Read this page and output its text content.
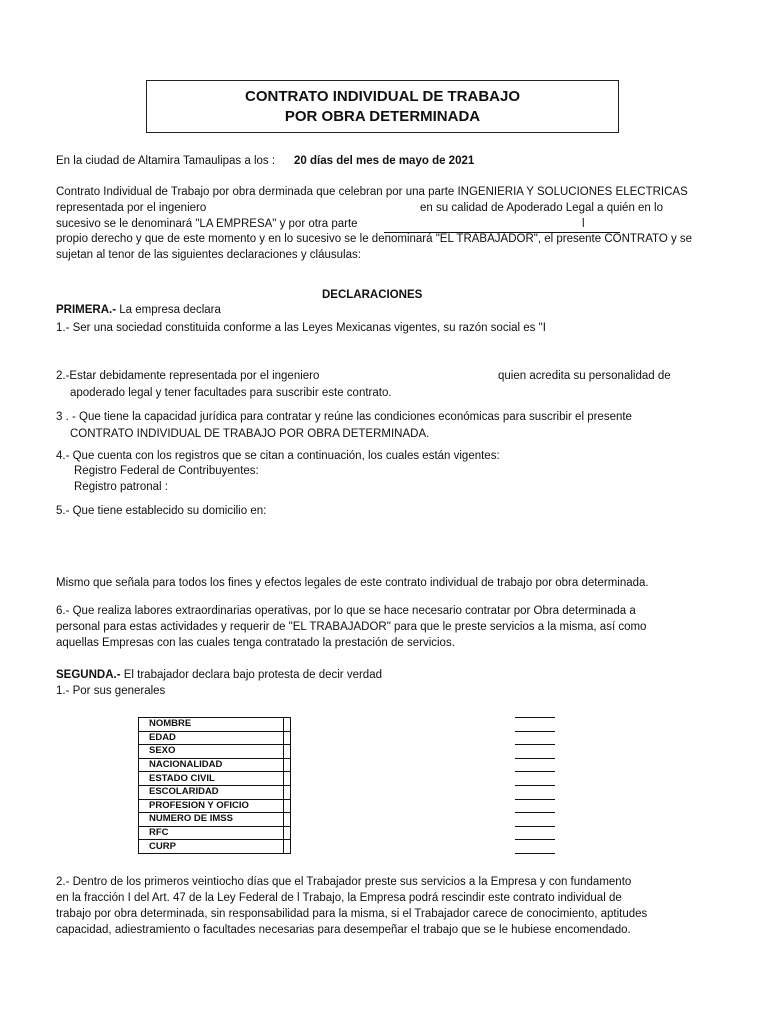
CONTRATO INDIVIDUAL DE TRABAJO
POR OBRA DETERMINADA
En la ciudad de Altamira Tamaulipas a los : 20 días del mes de mayo de 2021
Contrato Individual de Trabajo por obra derminada que celebran por una parte INGENIERIA Y SOLUCIONES ELECTRICAS
representada por el ingeniero	en su calidad de Apoderado Legal a quién en lo
sucesivo se le denominará "LA EMPRESA" y por otra parte	l
propio derecho y que de este momento y en lo sucesivo se le denominará "EL TRABAJADOR", el presente CONTRATO y se
sujetan al tenor de las siguientes declaraciones y cláusulas:
DECLARACIONES
PRIMERA.- La empresa declara
1.- Ser una sociedad constituida conforme a las Leyes Mexicanas vigentes, su razón social es "I
2.-Estar debidamente representada por el ingeniero	quien acredita su personalidad de
apoderado legal y tener facultades para suscribir este contrato.
3 . - Que tiene la capacidad jurídica para contratar y reúne las condiciones económicas para suscribir el presente
CONTRATO INDIVIDUAL DE TRABAJO POR OBRA DETERMINADA.
4.- Que cuenta con los registros que se citan a continuación, los cuales están vigentes:
Registro Federal de Contribuyentes:
Registro patronal :
5.- Que tiene establecido su domicilio en:
Mismo que señala para todos los fines y efectos legales de este contrato individual de trabajo por obra determinada.
6.- Que realiza labores extraordinarias operativas, por lo que se hace necesario contratar por Obra determinada a
personal para estas actividades y requerir de "EL TRABAJADOR" para que le preste servicios a la misma, así como
aquellas Empresas con las cuales tenga contratado la prestación de servicios.
SEGUNDA.- El trabajador declara bajo protesta de decir verdad
1.- Por sus generales
NOMBRE			
EDAD			
SEXO			
NACIONALIDAD			
ESTADO CIVIL			
ESCOLARIDAD			
PROFESION Y OFICIO			
NUMERO DE IMSS			
RFC			
CURP			
2.- Dentro de los primeros veintiocho días que el Trabajador preste sus servicios a la Empresa y con fundamento
en la fracción I del Art. 47 de la Ley Federal de l Trabajo, la Empresa podrá rescindir este contrato individual de
trabajo por obra determinada, sin responsabilidad para la misma, si el Trabajador carece de conocimiento, aptitudes
capacidad, adiestramiento o facultades necesarias para desempeñar el trabajo que se le hubiese encomendado.
